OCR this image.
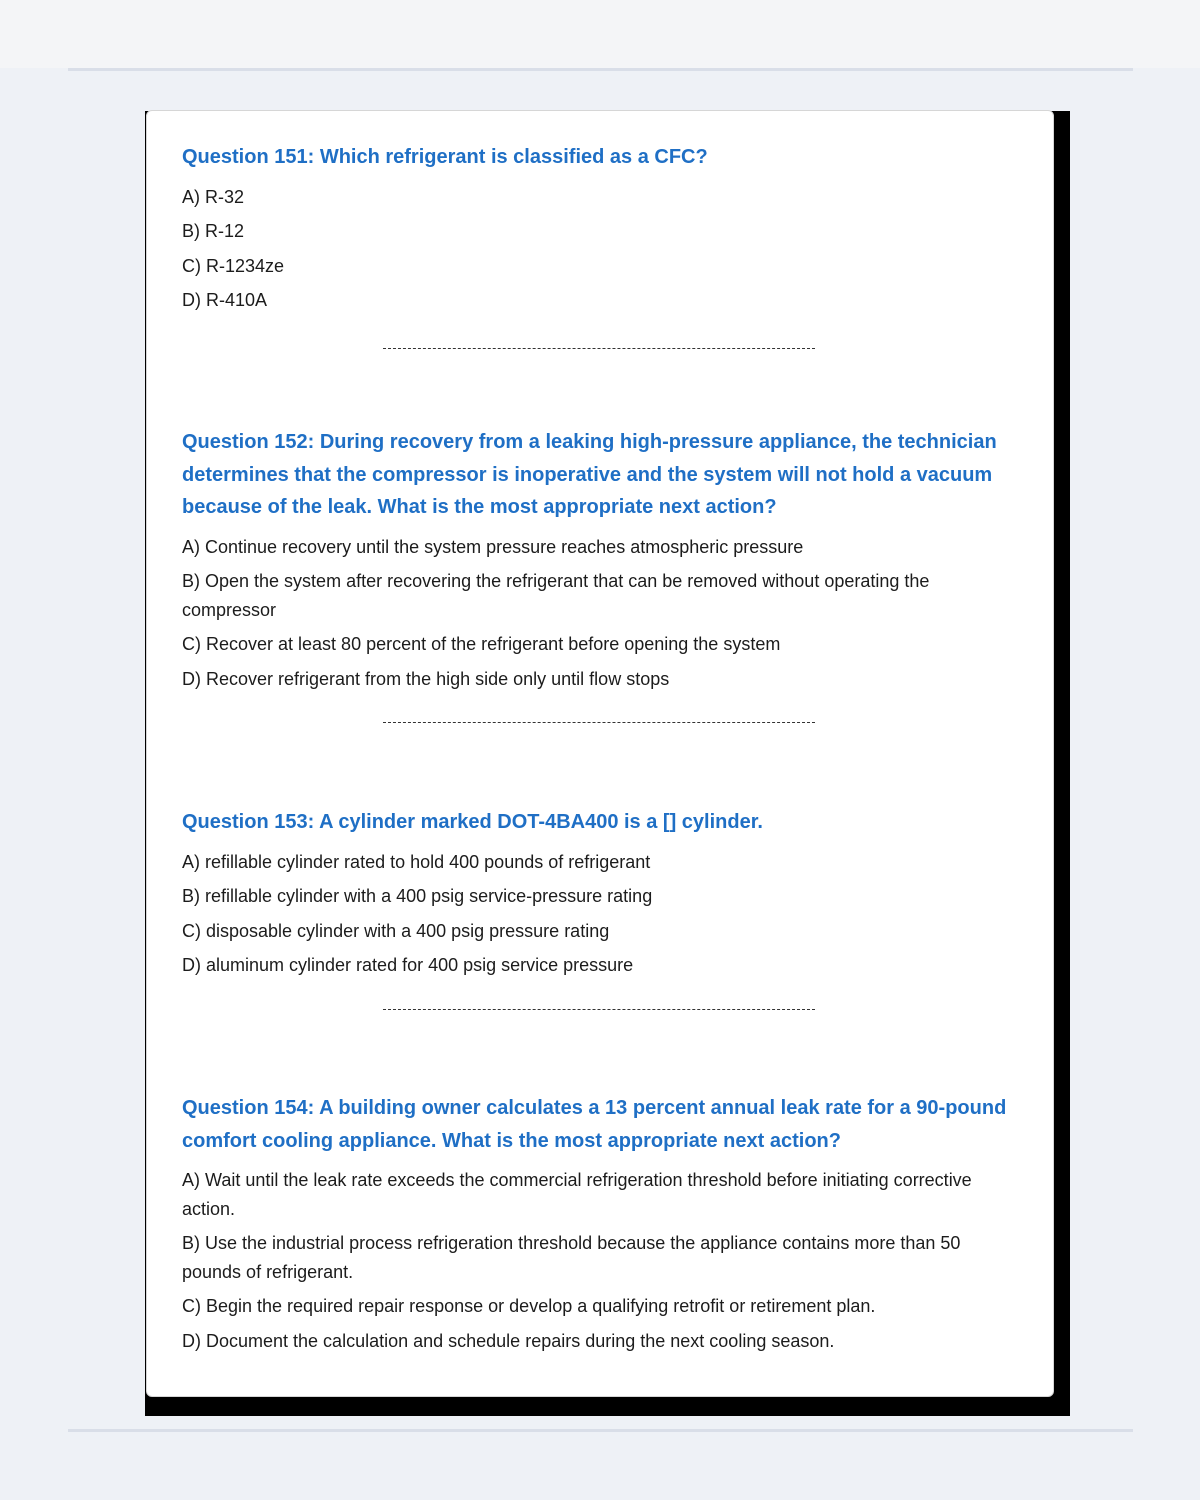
Question 151: Which refrigerant is classified as a CFC?
A) R-32
B) R-12
C) R-1234ze
D) R-410A
Question 152: During recovery from a leaking high-pressure appliance, the technician determines that the compressor is inoperative and the system will not hold a vacuum because of the leak. What is the most appropriate next action?
A) Continue recovery until the system pressure reaches atmospheric pressure
B) Open the system after recovering the refrigerant that can be removed without operating the compressor
C) Recover at least 80 percent of the refrigerant before opening the system
D) Recover refrigerant from the high side only until flow stops
Question 153: A cylinder marked DOT-4BA400 is a [] cylinder.
A) refillable cylinder rated to hold 400 pounds of refrigerant
B) refillable cylinder with a 400 psig service-pressure rating
C) disposable cylinder with a 400 psig pressure rating
D) aluminum cylinder rated for 400 psig service pressure
Question 154: A building owner calculates a 13 percent annual leak rate for a 90-pound comfort cooling appliance. What is the most appropriate next action?
A) Wait until the leak rate exceeds the commercial refrigeration threshold before initiating corrective action.
B) Use the industrial process refrigeration threshold because the appliance contains more than 50 pounds of refrigerant.
C) Begin the required repair response or develop a qualifying retrofit or retirement plan.
D) Document the calculation and schedule repairs during the next cooling season.
